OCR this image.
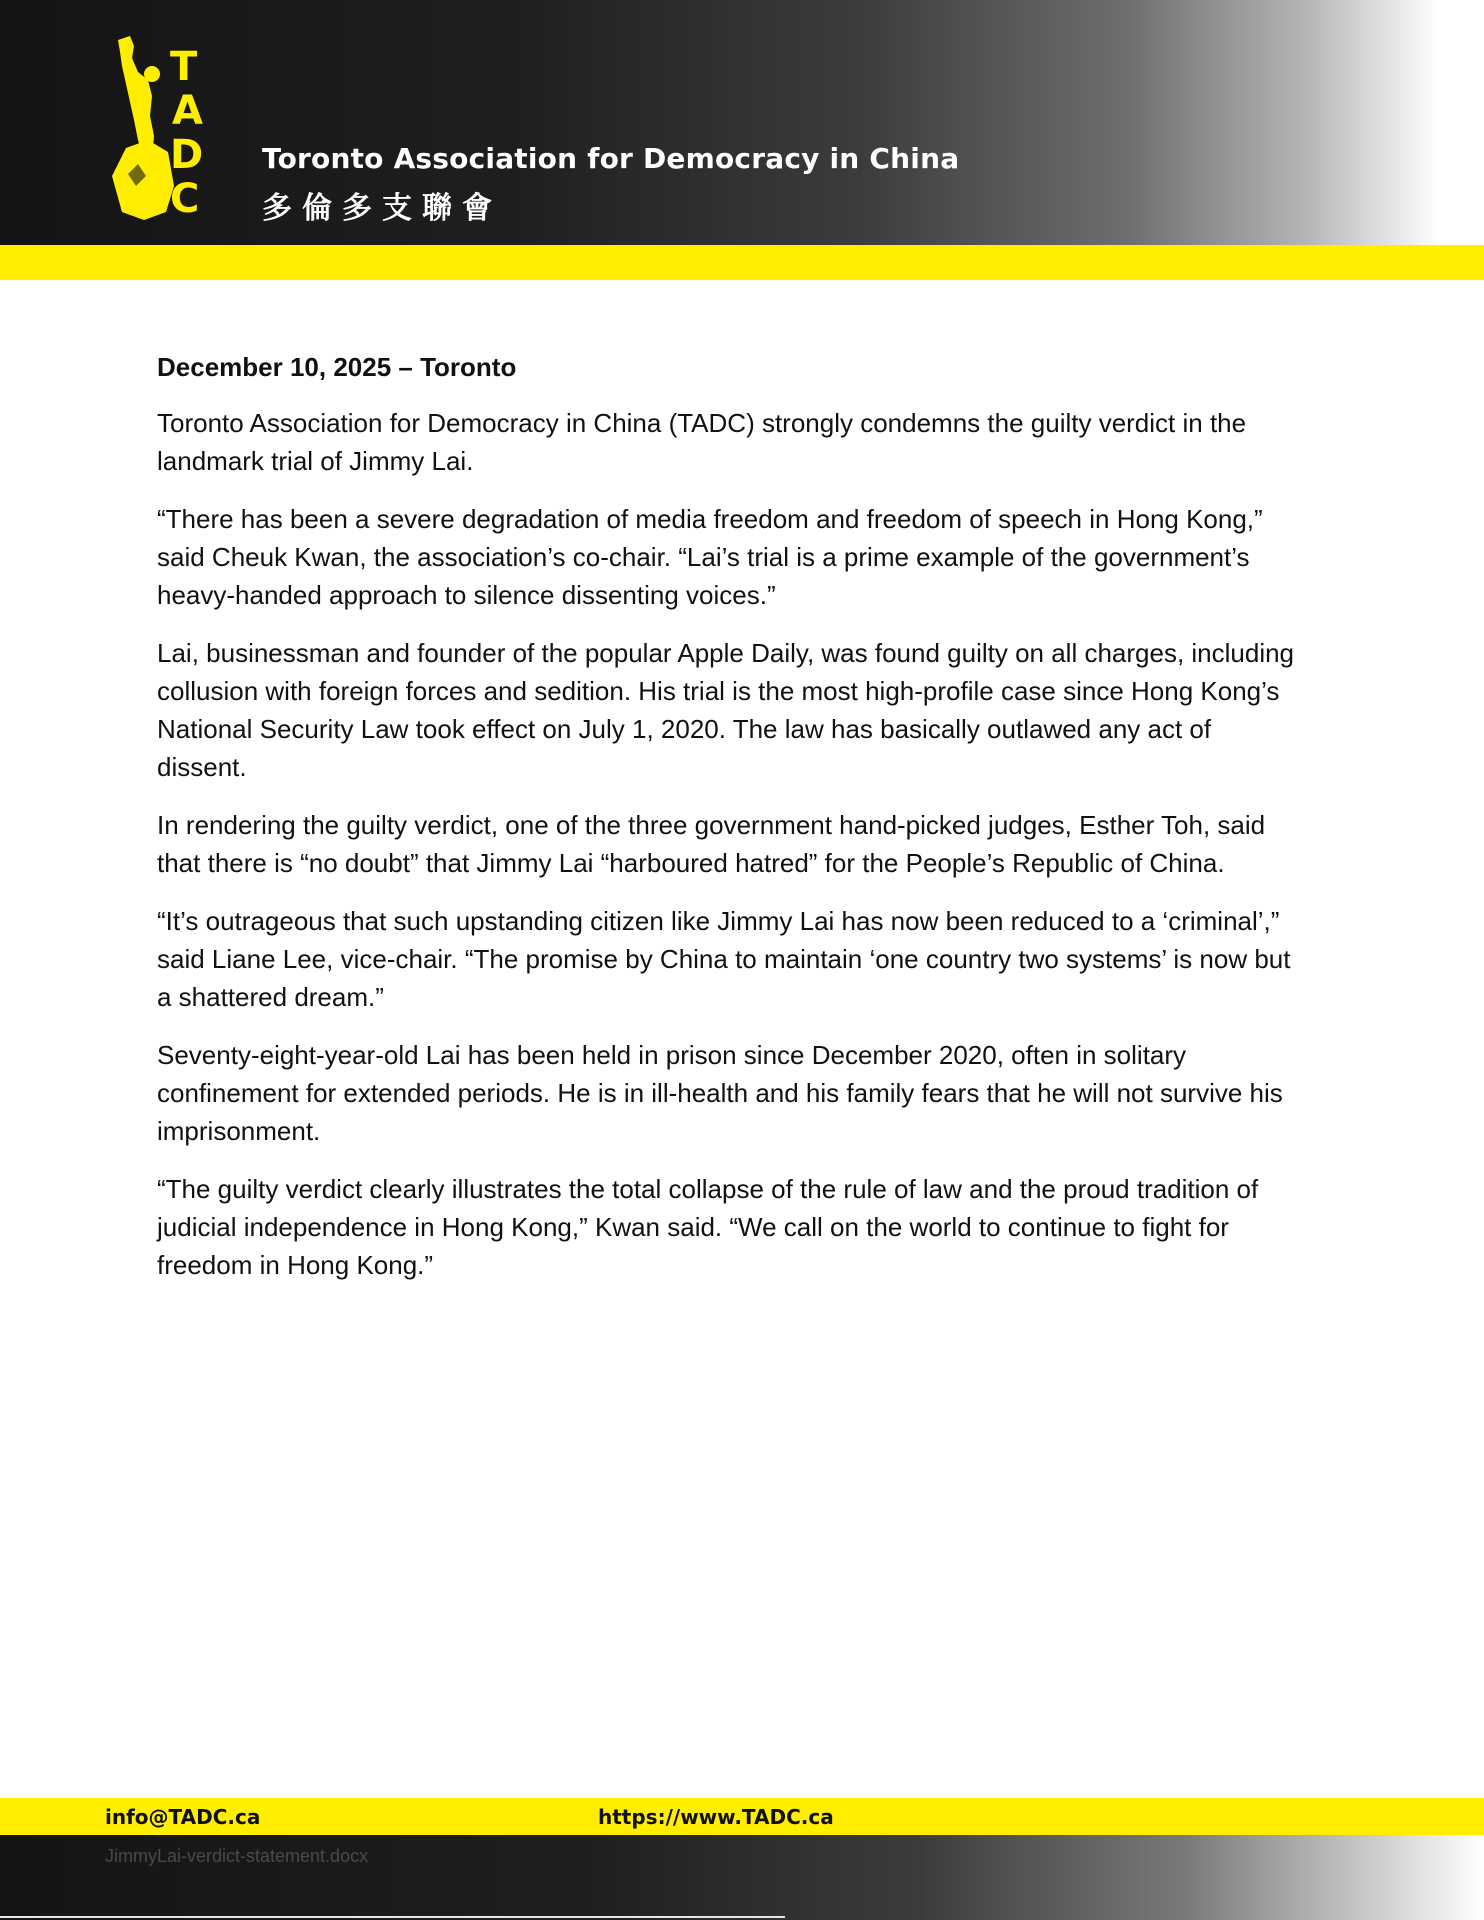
T
A
D
C
Toronto Association for Democracy in China
多倫多支聯會
December 10, 2025 – Toronto

Toronto Association for Democracy in China (TADC) strongly condemns the guilty verdict in the landmark trial of Jimmy Lai.

“There has been a severe degradation of media freedom and freedom of speech in Hong Kong,” said Cheuk Kwan, the association’s co-chair. “Lai’s trial is a prime example of the government’s heavy-handed approach to silence dissenting voices.”

Lai, businessman and founder of the popular Apple Daily, was found guilty on all charges, including collusion with foreign forces and sedition. His trial is the most high-profile case since Hong Kong’s National Security Law took effect on July 1, 2020. The law has basically outlawed any act of dissent.

In rendering the guilty verdict, one of the three government hand-picked judges, Esther Toh, said that there is “no doubt” that Jimmy Lai “harboured hatred” for the People’s Republic of China.

“It’s outrageous that such upstanding citizen like Jimmy Lai has now been reduced to a ‘criminal’,” said Liane Lee, vice-chair. “The promise by China to maintain ‘one country two systems’ is now but a shattered dream.”

Seventy-eight-year-old Lai has been held in prison since December 2020, often in solitary confinement for extended periods. He is in ill-health and his family fears that he will not survive his imprisonment.

“The guilty verdict clearly illustrates the total collapse of the rule of law and the proud tradition of judicial independence in Hong Kong,” Kwan said. “We call on the world to continue to fight for freedom in Hong Kong.”

info@TADC.ca	https://www.TADC.ca
JimmyLai-verdict-statement.docx
